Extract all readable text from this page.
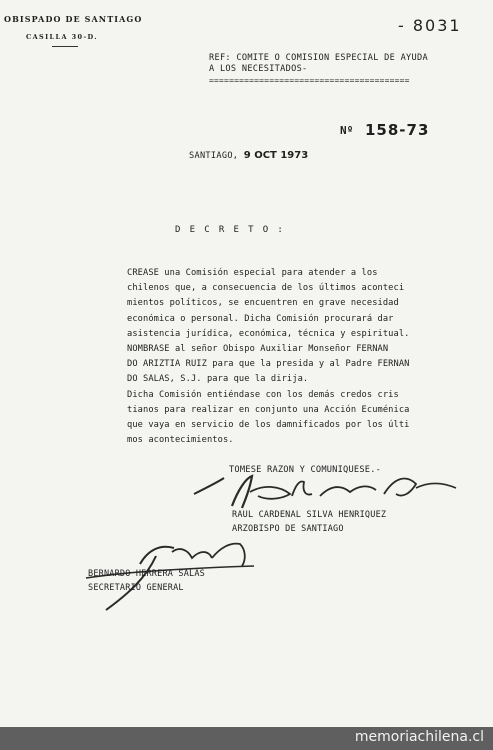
OBISPADO DE SANTIAGO
CASILLA 30-D.
- 8031
REF: COMITE O COMISION ESPECIAL DE AYUDA
A LOS NECESITADOS-
========================================
Nº 158-73
SANTIAGO, 9 OCT 1973
DECRETO:
CREASE una Comisión especial para atender a los
chilenos que, a consecuencia de los últimos aconteci
mientos políticos, se encuentren en grave necesidad
económica o personal. Dicha Comisión procurará dar
asistencia jurídica, económica, técnica y espiritual.
NOMBRASE al señor Obispo Auxiliar Monseñor FERNAN
DO ARIZTIA RUIZ para que la presida y al Padre FERNAN
DO SALAS, S.J. para que la dirija.
Dicha Comisión entiéndase con los demás credos cris
tianos para realizar en conjunto una Acción Ecuménica
que vaya en servicio de los damnificados por los últi
mos acontecimientos.
TOMESE RAZON Y COMUNIQUESE.-
RAUL CARDENAL SILVA HENRIQUEZ
ARZOBISPO DE SANTIAGO
BERNARDO HERRERA SALAS
SECRETARIO GENERAL
memoriachilena.cl
